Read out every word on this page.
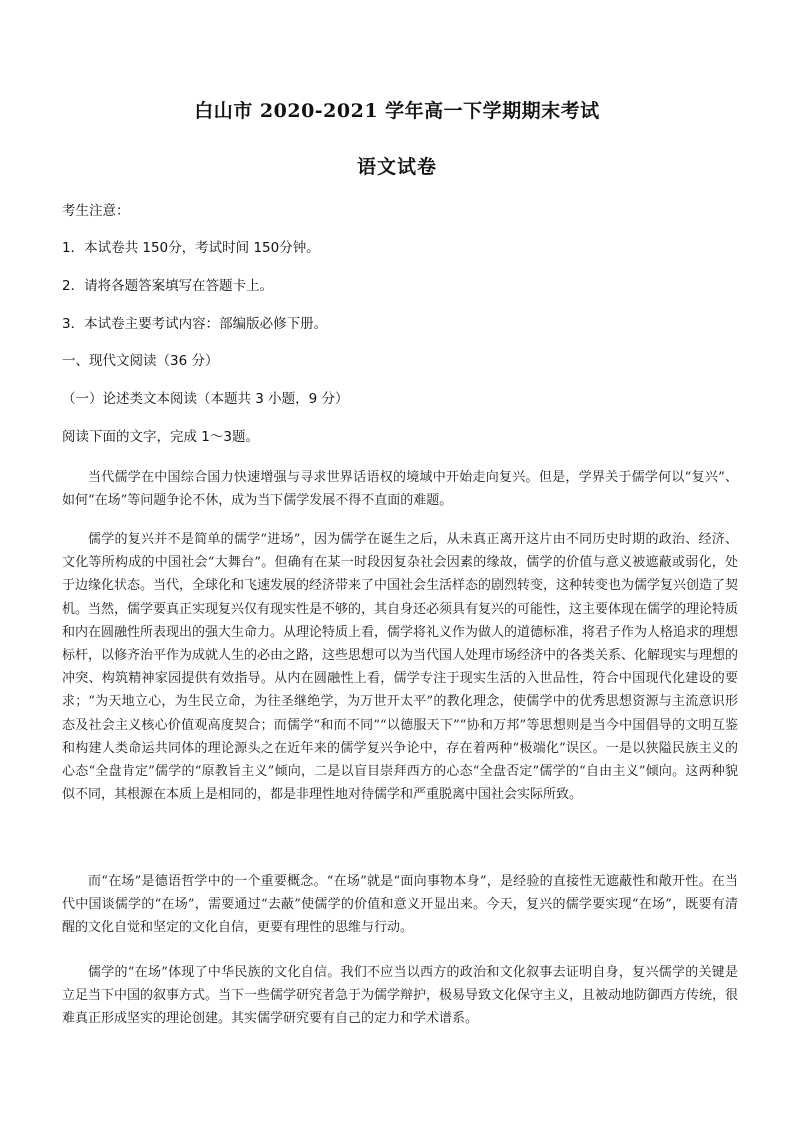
白山市 2020-2021 学年高一下学期期末考试
语文试卷
考生注意：
1．本试卷共 150分，考试时间 150分钟。
2．请将各题答案填写在答题卡上。
3．本试卷主要考试内容：部编版必修下册。
一、现代文阅读（36 分）
（一）论述类文本阅读（本题共 3 小题，9 分）
阅读下面的文字，完成 1～3题。
当代儒学在中国综合国力快速增强与寻求世界话语权的境域中开始走向复兴。但是，学界关于儒学何以“复兴”、如何“在场”等问题争论不休，成为当下儒学发展不得不直面的难题。
儒学的复兴并不是简单的儒学“进场”，因为儒学在诞生之后，从未真正离开这片由不同历史时期的政治、经济、文化等所构成的中国社会“大舞台”。但确有在某一时段因复杂社会因素的缘故，儒学的价值与意义被遮蔽或弱化，处于边缘化状态。当代，全球化和飞速发展的经济带来了中国社会生活样态的剧烈转变，这种转变也为儒学复兴创造了契机。当然，儒学要真正实现复兴仅有现实性是不够的，其自身还必须具有复兴的可能性，这主要体现在儒学的理论特质和内在圆融性所表现出的强大生命力。从理论特质上看，儒学将礼义作为做人的道德标准，将君子作为人格追求的理想标杆，以修齐治平作为成就人生的必由之路，这些思想可以为当代国人处理市场经济中的各类关系、化解现实与理想的冲突、构筑精神家园提供有效指导。从内在圆融性上看，儒学专注于现实生活的入世品性，符合中国现代化建设的要求；“为天地立心，为生民立命，为往圣继绝学，为万世开太平”的教化理念，使儒学中的优秀思想资源与主流意识形态及社会主义核心价值观高度契合；而儒学“和而不同”“以德服天下”“协和万邦”等思想则是当今中国倡导的文明互鉴和构建人类命运共同体的理论源头之在近年来的儒学复兴争论中，存在着两种“极端化”误区。一是以狭隘民族主义的心态“全盘肯定”儒学的“原教旨主义”倾向，二是以盲目崇拜西方的心态“全盘否定”儒学的“自由主义”倾向。这两种貌似不同，其根源在本质上是相同的，都是非理性地对待儒学和严重脱离中国社会实际所致。
而“在场”是德语哲学中的一个重要概念。“在场”就是“面向事物本身”，是经验的直接性无遮蔽性和敞开性。在当代中国谈儒学的“在场”，需要通过“去蔽”使儒学的价值和意义开显出来。今天，复兴的儒学要实现“在场”，既要有清醒的文化自觉和坚定的文化自信，更要有理性的思维与行动。
儒学的“在场”体现了中华民族的文化自信。我们不应当以西方的政治和文化叙事去证明自身，复兴儒学的关键是立足当下中国的叙事方式。当下一些儒学研究者急于为儒学辩护，极易导致文化保守主义，且被动地防御西方传统，很难真正形成坚实的理论创建。其实儒学研究要有自己的定力和学术谱系。
